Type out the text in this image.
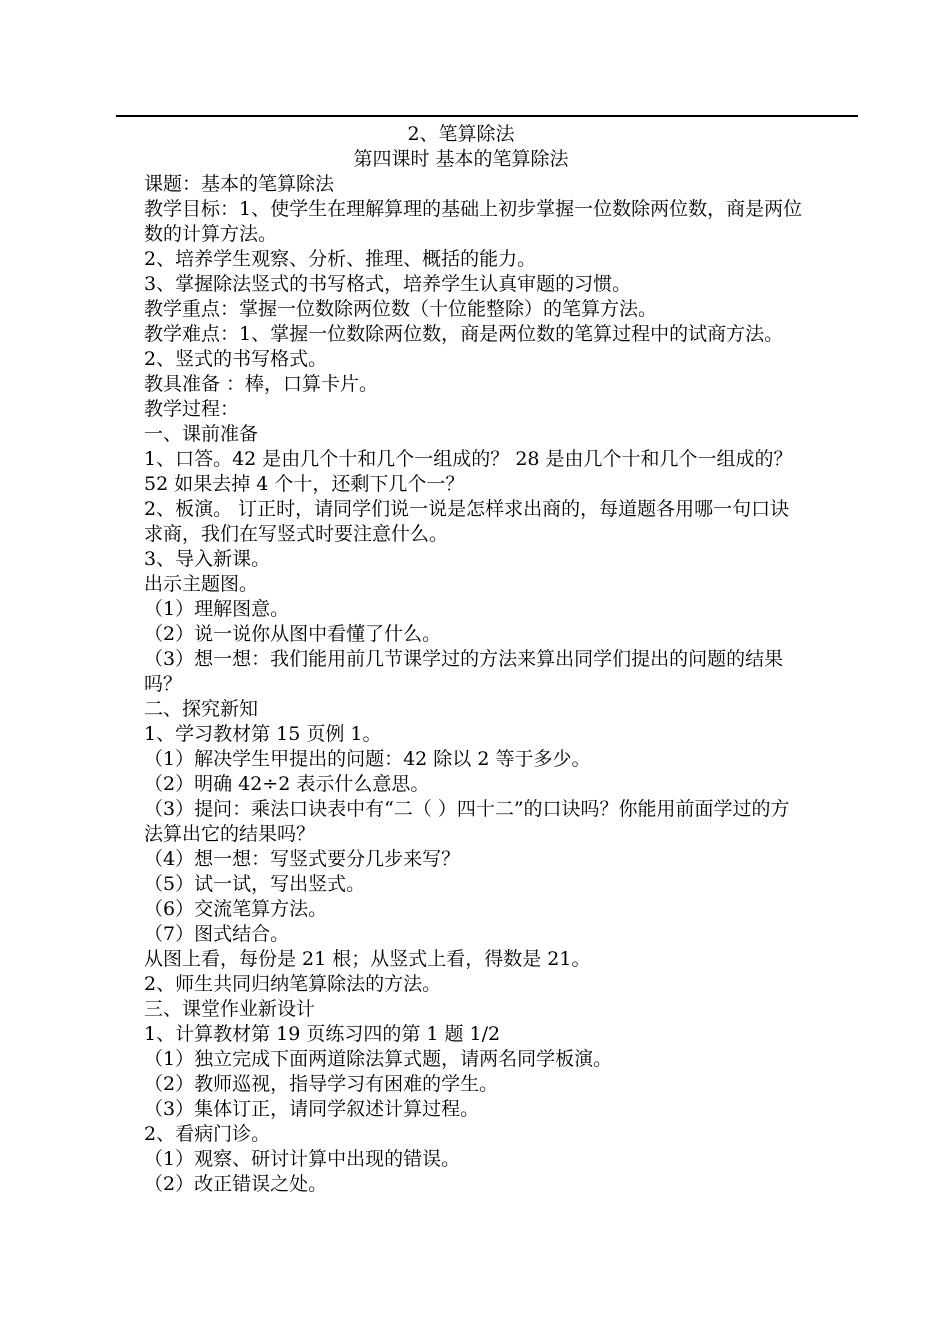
2、笔算除法

第四课时 基本的笔算除法

课题：基本的笔算除法

教学目标：1、使学生在理解算理的基础上初步掌握一位数除两位数，商是两位数的计算方法。

2、培养学生观察、分析、推理、概括的能力。

3、掌握除法竖式的书写格式，培养学生认真审题的习惯。

教学重点：掌握一位数除两位数（十位能整除）的笔算方法。

教学难点：1、掌握一位数除两位数，商是两位数的笔算过程中的试商方法。

2、竖式的书写格式。

教具准备 ：棒，口算卡片。

教学过程：

一、课前准备

1、口答。42 是由几个十和几个一组成的？ 28 是由几个十和几个一组成的？ 52 如果去掉 4 个十，还剩下几个一？

2、板演。 订正时，请同学们说一说是怎样求出商的，每道题各用哪一句口诀求商，我们在写竖式时要注意什么。

3、导入新课。

出示主题图。

（1）理解图意。

（2）说一说你从图中看懂了什么。

（3）想一想：我们能用前几节课学过的方法来算出同学们提出的问题的结果吗？

二、探究新知

1、学习教材第 15 页例 1。

（1）解决学生甲提出的问题：42 除以 2 等于多少。

（2）明确 42÷2 表示什么意思。

（3）提问：乘法口诀表中有“二（ ）四十二”的口诀吗？你能用前面学过的方法算出它的结果吗？

（4）想一想：写竖式要分几步来写？

（5）试一试，写出竖式。

（6）交流笔算方法。

（7）图式结合。

从图上看，每份是 21 根；从竖式上看，得数是 21。

2、师生共同归纳笔算除法的方法。

三、课堂作业新设计

1、计算教材第 19 页练习四的第 1 题 1/2

（1）独立完成下面两道除法算式题，请两名同学板演。

（2）教师巡视，指导学习有困难的学生。

（3）集体订正，请同学叙述计算过程。

2、看病门诊。

（1）观察、研讨计算中出现的错误。

（2）改正错误之处。
